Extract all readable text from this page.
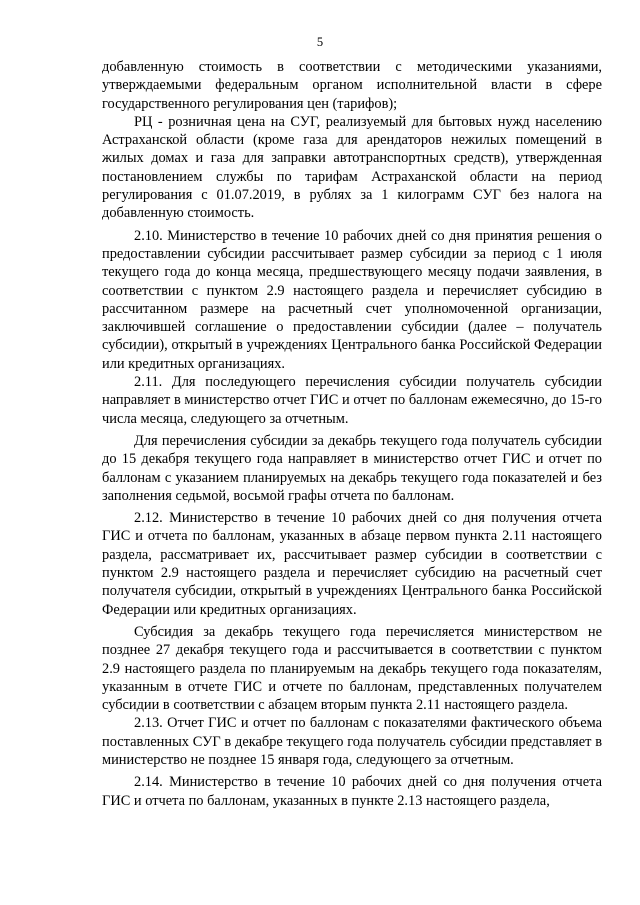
5

добавленную стоимость в соответствии с методическими указаниями, утверждаемыми федеральным органом исполнительной власти в сфере государственного регулирования цен (тарифов);

РЦ - розничная цена на СУГ, реализуемый для бытовых нужд населению Астраханской области (кроме газа для арендаторов нежилых помещений в жилых домах и газа для заправки автотранспортных средств), утвержденная постановлением службы по тарифам Астраханской области на период регулирования с 01.07.2019, в рублях за 1 килограмм СУГ без налога на добавленную стоимость.

2.10. Министерство в течение 10 рабочих дней со дня принятия решения о предоставлении субсидии рассчитывает размер субсидии за период с 1 июля текущего года до конца месяца, предшествующего месяцу подачи заявления, в соответствии с пунктом 2.9 настоящего раздела и перечисляет субсидию в рассчитанном размере на расчетный счет уполномоченной организации, заключившей соглашение о предоставлении субсидии (далее – получатель субсидии), открытый в учреждениях Центрального банка Российской Федерации или кредитных организациях.

2.11. Для последующего перечисления субсидии получатель субсидии направляет в министерство отчет ГИС и отчет по баллонам ежемесячно, до 15-го числа месяца, следующего за отчетным.

Для перечисления субсидии за декабрь текущего года получатель субсидии до 15 декабря текущего года направляет в министерство отчет ГИС и отчет по баллонам с указанием планируемых на декабрь текущего года показателей и без заполнения седьмой, восьмой графы отчета по баллонам.

2.12. Министерство в течение 10 рабочих дней со дня получения отчета ГИС и отчета по баллонам, указанных в абзаце первом пункта 2.11 настоящего раздела, рассматривает их, рассчитывает размер субсидии в соответствии с пунктом 2.9 настоящего раздела и перечисляет субсидию на расчетный счет получателя субсидии, открытый в учреждениях Центрального банка Российской Федерации или кредитных организациях.

Субсидия за декабрь текущего года перечисляется министерством не позднее 27 декабря текущего года и рассчитывается в соответствии с пунктом 2.9 настоящего раздела по планируемым на декабрь текущего года показателям, указанным в отчете ГИС и отчете по баллонам, представленных получателем субсидии в соответствии с абзацем вторым пункта 2.11 настоящего раздела.

2.13. Отчет ГИС и отчет по баллонам с показателями фактического объема поставленных СУГ в декабре текущего года получатель субсидии представляет в министерство не позднее 15 января года, следующего за отчетным.

2.14. Министерство в течение 10 рабочих дней со дня получения отчета ГИС и отчета по баллонам, указанных в пункте 2.13 настоящего раздела,
